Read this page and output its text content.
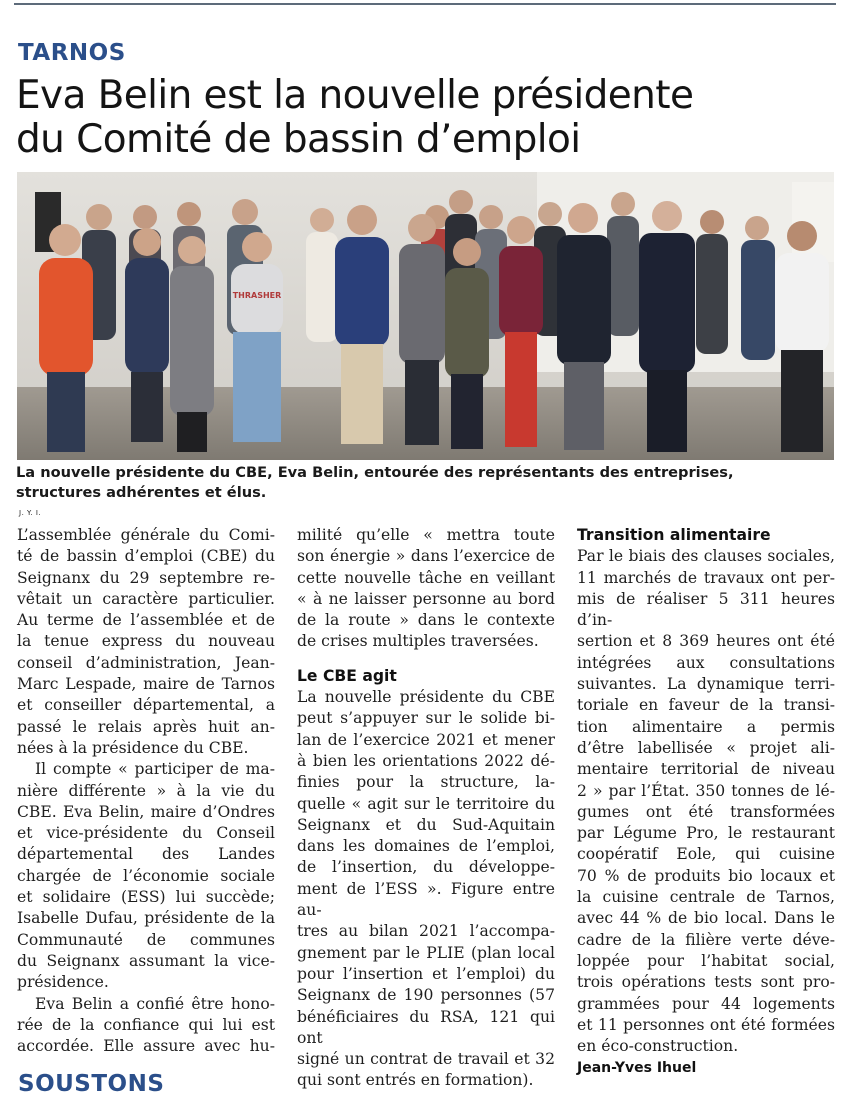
TARNOS
Eva Belin est la nouvelle présidente
du Comité de bassin d’emploi
THRASHER

La nouvelle présidente du CBE, Eva Belin, entourée des représentants des entreprises,
structures adhérentes et élus.
J. Y. I.

L’assemblée générale du Comi-
té de bassin d’emploi (CBE) du
Seignanx du 29 septembre re-
vêtait un caractère particulier.
Au terme de l’assemblée et de
la tenue express du nouveau
conseil d’administration, Jean-
Marc Lespade, maire de Tarnos
et conseiller départemental, a
passé le relais après huit an-
nées à la présidence du CBE.
Il compte « participer de ma-
nière différente » à la vie du
CBE. Eva Belin, maire d’Ondres
et vice-présidente du Conseil
départemental des Landes
chargée de l’économie sociale
et solidaire (ESS) lui succède;
Isabelle Dufau, présidente de la
Communauté de communes
du Seignanx assumant la vice-
présidence.
Eva Belin a confié être hono-
rée de la confiance qui lui est
accordée. Elle assure avec hu-
milité qu’elle « mettra toute
son énergie » dans l’exercice de
cette nouvelle tâche en veillant
« à ne laisser personne au bord
de la route » dans le contexte
de crises multiples traversées.
Le CBE agit
La nouvelle présidente du CBE
peut s’appuyer sur le solide bi-
lan de l’exercice 2021 et mener
à bien les orientations 2022 dé-
finies pour la structure, la-
quelle « agit sur le territoire du
Seignanx et du Sud-Aquitain
dans les domaines de l’emploi,
de l’insertion, du développe-
ment de l’ESS ». Figure entre au-
tres au bilan 2021 l’accompa-
gnement par le PLIE (plan local
pour l’insertion et l’emploi) du
Seignanx de 190 personnes (57
bénéficiaires du RSA, 121 qui ont
signé un contrat de travail et 32
qui sont entrés en formation).
Transition alimentaire
Par le biais des clauses sociales,
11 marchés de travaux ont per-
mis de réaliser 5 311 heures d’in-
sertion et 8 369 heures ont été
intégrées aux consultations
suivantes. La dynamique terri-
toriale en faveur de la transi-
tion alimentaire a permis
d’être labellisée « projet ali-
mentaire territorial de niveau
2 » par l’État. 350 tonnes de lé-
gumes ont été transformées
par Légume Pro, le restaurant
coopératif Eole, qui cuisine
70 % de produits bio locaux et
la cuisine centrale de Tarnos,
avec 44 % de bio local. Dans le
cadre de la filière verte déve-
loppée pour l’habitat social,
trois opérations tests sont pro-
grammées pour 44 logements
et 11 personnes ont été formées
en éco-construction.
Jean-Yves Ihuel
SOUSTONS
